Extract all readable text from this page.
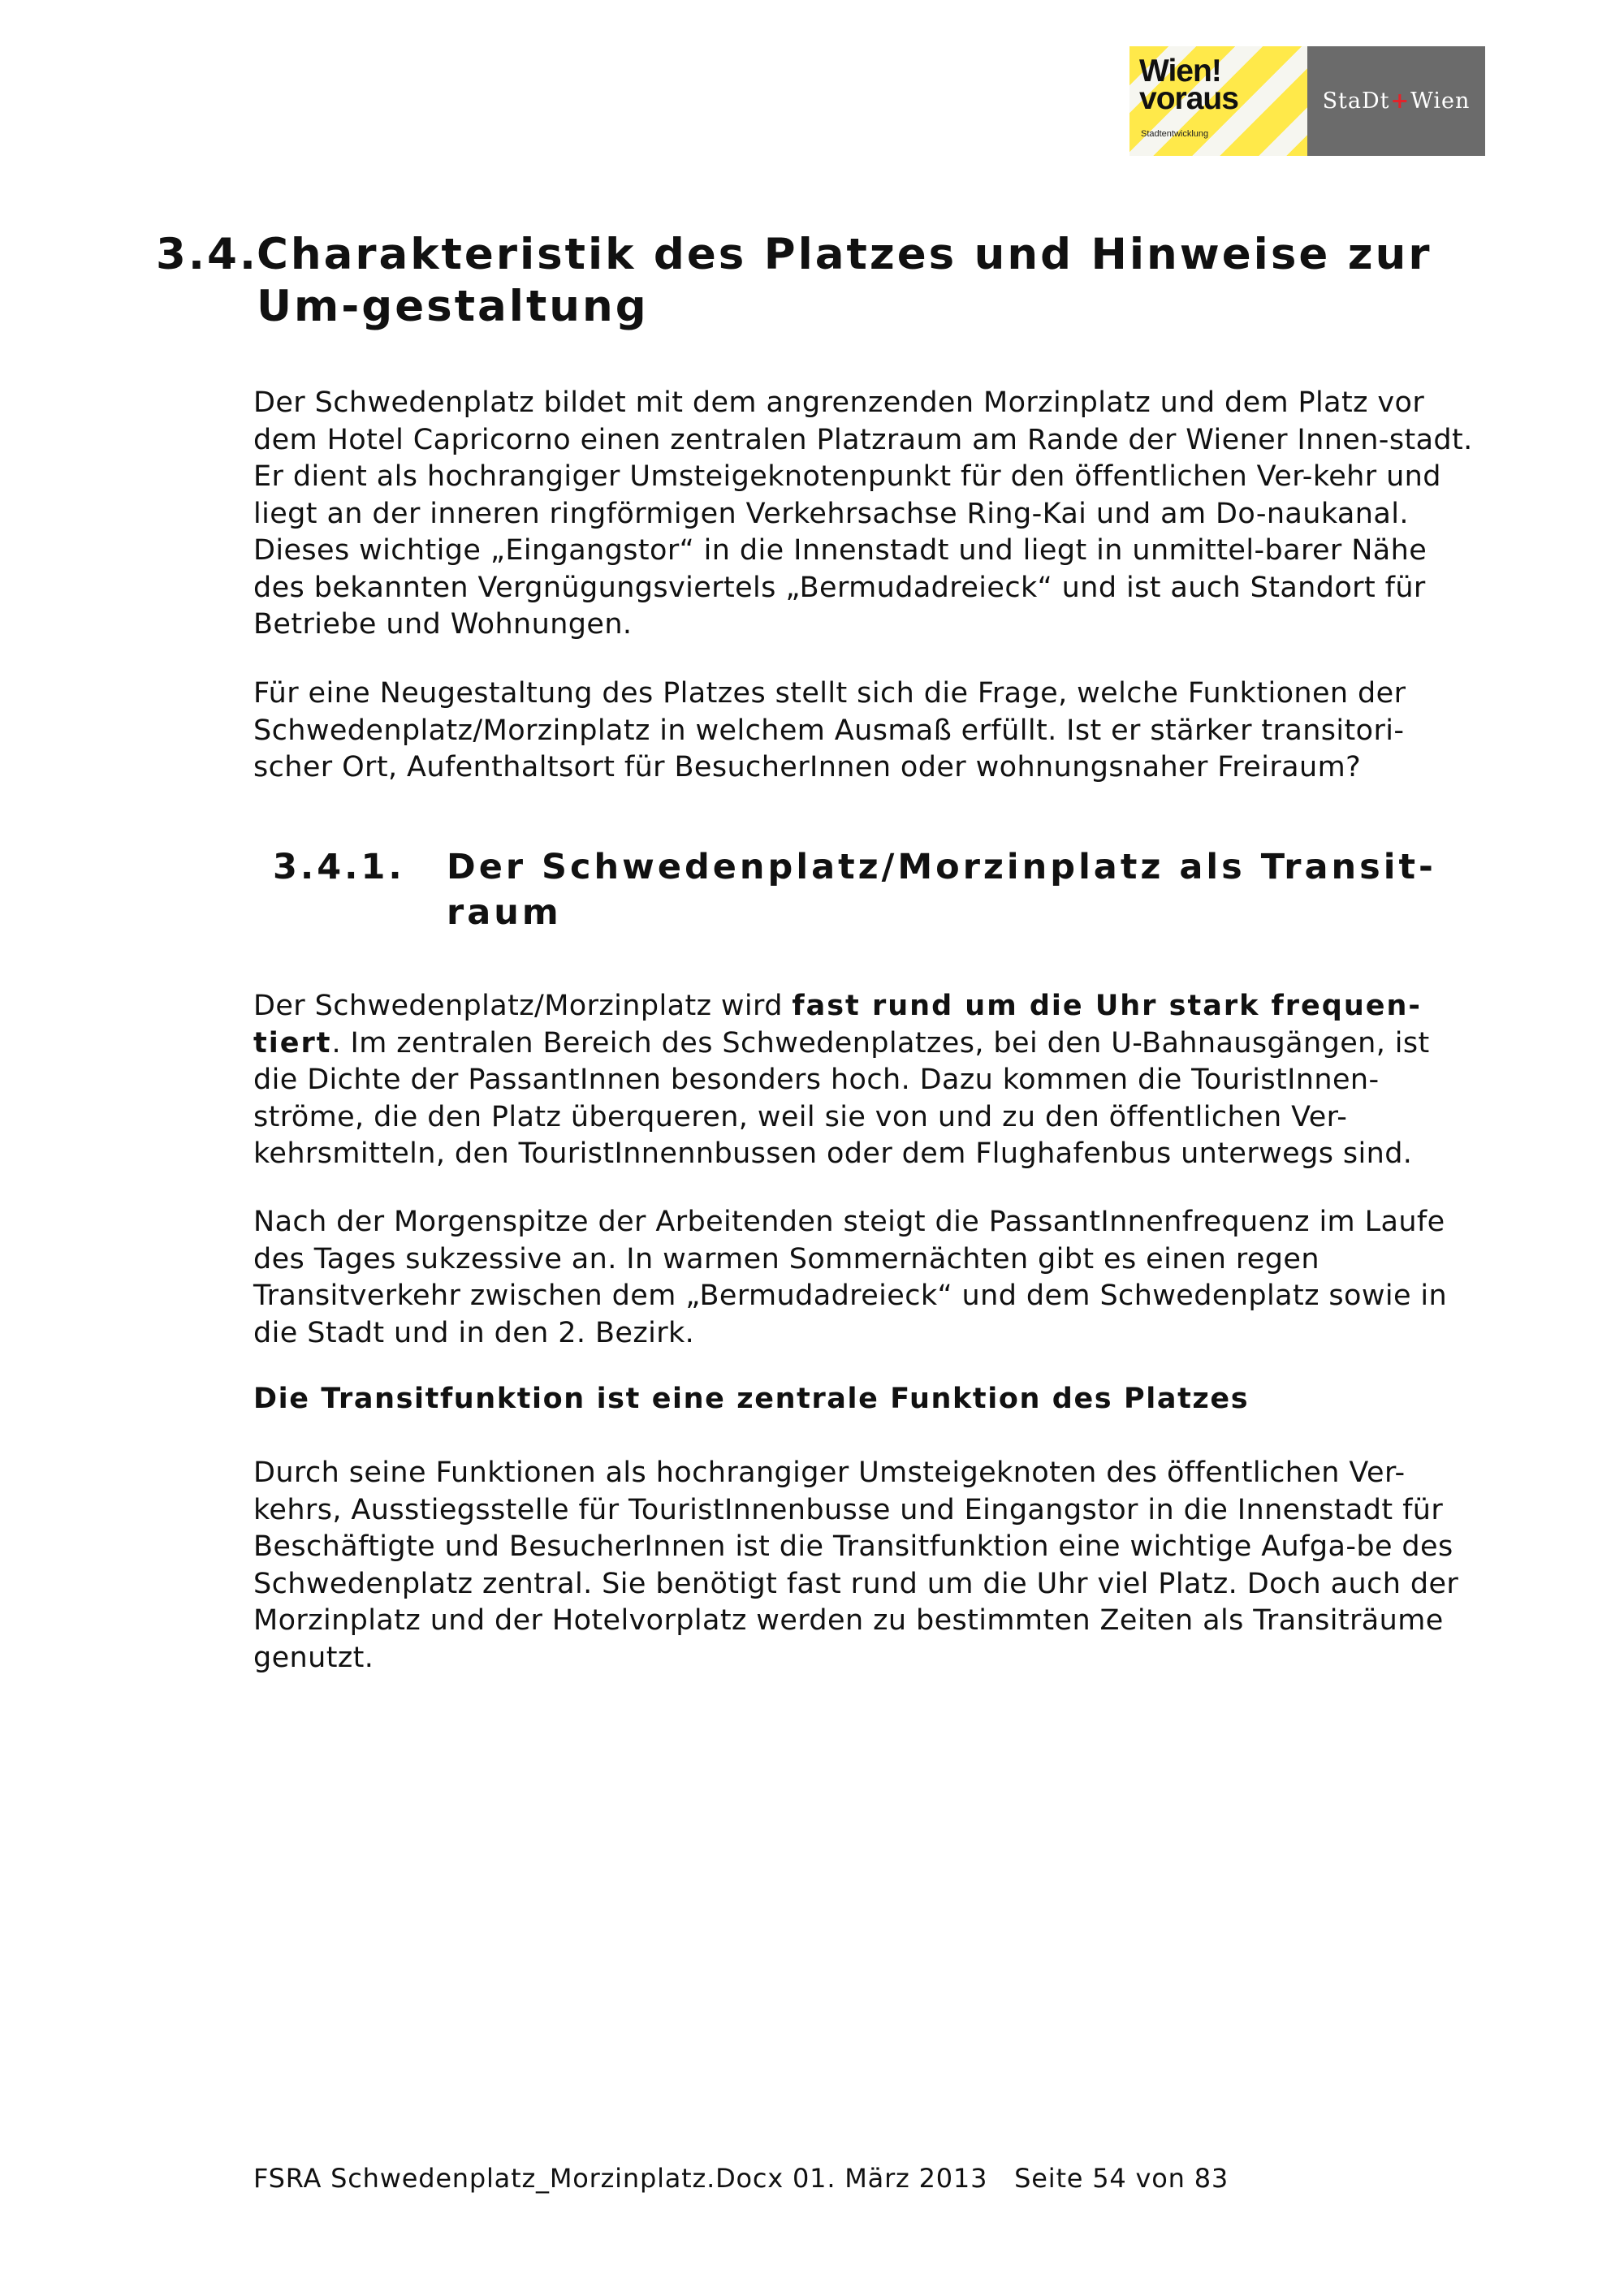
Wien!
voraus
Stadtentwicklung
StaDt + Wien
3.4.
Charakteristik des Platzes und Hinweise zur Um-gestaltung

Der Schwedenplatz bildet mit dem angrenzenden Morzinplatz und dem Platz vor dem Hotel Capricorno einen zentralen Platzraum am Rande der Wiener Innen-stadt. Er dient als hochrangiger Umsteigeknotenpunkt für den öffentlichen Ver-kehr und liegt an der inneren ringförmigen Verkehrsachse Ring-Kai und am Do-naukanal. Dieses wichtige „Eingangstor“ in die Innenstadt und liegt in unmittel-barer Nähe des bekannten Vergnügungsviertels „Bermudadreieck“ und ist auch Standort für Betriebe und Wohnungen.

Für eine Neugestaltung des Platzes stellt sich die Frage, welche Funktionen der Schwedenplatz/Morzinplatz in welchem Ausmaß erfüllt. Ist er stärker transitori-scher Ort, Aufenthaltsort für BesucherInnen oder wohnungsnaher Freiraum?

3.4.1.	Der Schwedenplatz/Morzinplatz als Transit-raum

Der Schwedenplatz/Morzinplatz wird fast rund um die Uhr stark frequen-tiert. Im zentralen Bereich des Schwedenplatzes, bei den U-Bahnausgängen, ist die Dichte der PassantInnen besonders hoch. Dazu kommen die TouristInnen-ströme, die den Platz überqueren, weil sie von und zu den öffentlichen Ver-kehrsmitteln, den TouristInnennbussen oder dem Flughafenbus unterwegs sind.

Nach der Morgenspitze der Arbeitenden steigt die PassantInnenfrequenz im Laufe des Tages sukzessive an. In warmen Sommernächten gibt es einen regen Transitverkehr zwischen dem „Bermudadreieck“ und dem Schwedenplatz sowie in die Stadt und in den 2. Bezirk.

Die Transitfunktion ist eine zentrale Funktion des Platzes

Durch seine Funktionen als hochrangiger Umsteigeknoten des öffentlichen Ver-kehrs, Ausstiegsstelle für TouristInnenbusse und Eingangstor in die Innenstadt für Beschäftigte und BesucherInnen ist die Transitfunktion eine wichtige Aufga-be des Schwedenplatz zentral. Sie benötigt fast rund um die Uhr viel Platz. Doch auch der Morzinplatz und der Hotelvorplatz werden zu bestimmten Zeiten als Transiträume genutzt.

FSRA Schwedenplatz_Morzinplatz.Docx 01. März 2013   Seite 54 von 83
